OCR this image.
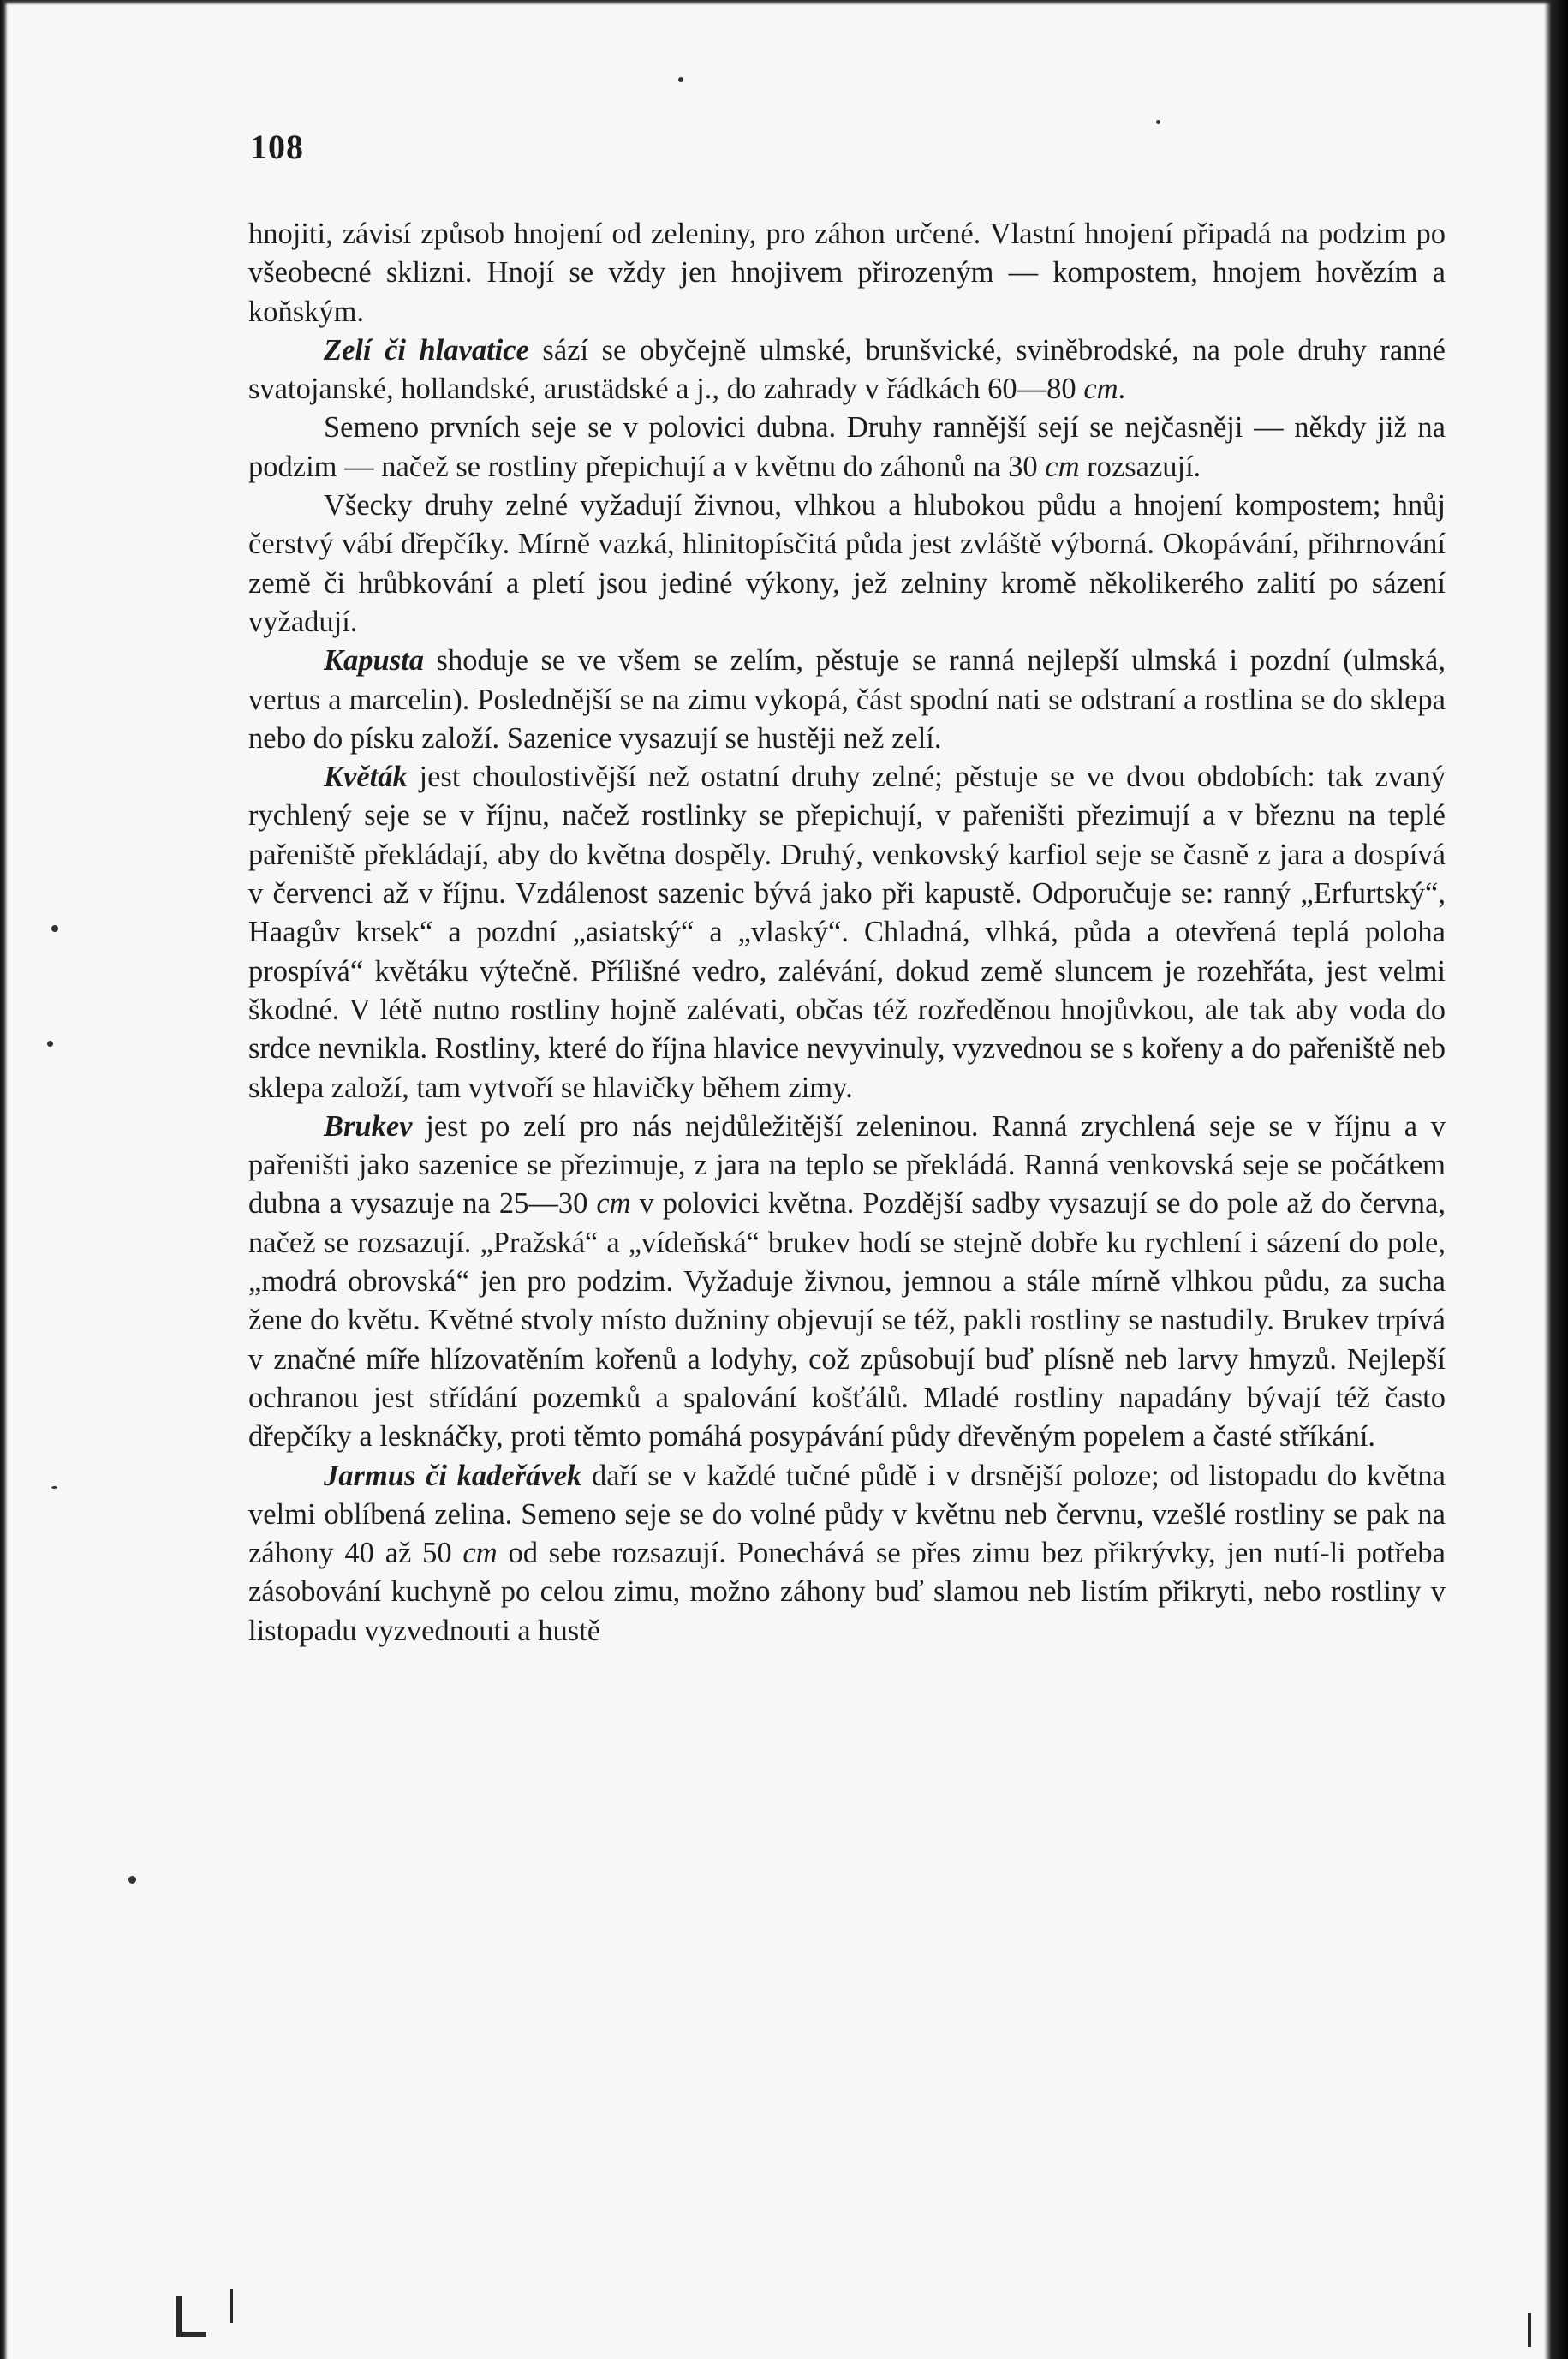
108

hnojiti, závisí způsob hnojení od zeleniny, pro záhon určené. Vlastní hnojení připadá na podzim po všeobecné sklizni. Hnojí se vždy jen hnojivem přirozeným — kompostem, hnojem hovězím a koňským.

Zelí či hlavatice sází se obyčejně ulmské, brunšvické, sviněbrodské, na pole druhy ranné svatojanské, hollandské, arustädské a j., do zahrady v řádkách 60—80 cm.

Semeno prvních seje se v polovici dubna. Druhy rannější sejí se nejčasněji — někdy již na podzim — načež se rostliny přepichují a v květnu do záhonů na 30 cm rozsazují.

Všecky druhy zelné vyžadují živnou, vlhkou a hlubokou půdu a hnojení kompostem; hnůj čerstvý vábí dřepčíky. Mírně vazká, hlinitopísčitá půda jest zvláště výborná. Okopávání, přihrnování země či hrůbkování a pletí jsou jediné výkony, jež zelniny kromě několikerého zalití po sázení vyžadují.

Kapusta shoduje se ve všem se zelím, pěstuje se ranná nejlepší ulmská i pozdní (ulmská, vertus a marcelin). Poslednější se na zimu vykopá, část spodní nati se odstraní a rostlina se do sklepa nebo do písku založí. Sazenice vysazují se hustěji než zelí.

Květák jest choulostivější než ostatní druhy zelné; pěstuje se ve dvou obdobích: tak zvaný rychlený seje se v říjnu, načež rostlinky se přepichují, v pařeništi přezimují a v březnu na teplé pařeniště překládají, aby do května dospěly. Druhý, venkovský karfiol seje se časně z jara a dospívá v červenci až v říjnu. Vzdálenost sazenic bývá jako při kapustě. Odporučuje se: ranný „Erfurtský“, Haagův krsek“ a pozdní „asiatský“ a „vlaský“. Chladná, vlhká, půda a otevřená teplá poloha prospívá“ květáku výtečně. Přílišné vedro, zalévání, dokud země sluncem je rozehřáta, jest velmi škodné. V létě nutno rostliny hojně zalévati, občas též rozředěnou hnojůvkou, ale tak aby voda do srdce nevnikla. Rostliny, které do října hlavice nevyvinuly, vyzvednou se s kořeny a do pařeniště neb sklepa založí, tam vytvoří se hlavičky během zimy.

Brukev jest po zelí pro nás nejdůležitější zeleninou. Ranná zrychlená seje se v říjnu a v pařeništi jako sazenice se přezimuje, z jara na teplo se překládá. Ranná venkovská seje se počátkem dubna a vysazuje na 25—30 cm v polovici května. Pozdější sadby vysazují se do pole až do června, načež se rozsazují. „Pražská“ a „vídeňská“ brukev hodí se stejně dobře ku rychlení i sázení do pole, „modrá obrovská“ jen pro podzim. Vyžaduje živnou, jemnou a stále mírně vlhkou půdu, za sucha žene do květu. Květné stvoly místo dužniny objevují se též, pakli rostliny se nastudily. Brukev trpívá v značné míře hlízovatěním kořenů a lodyhy, což způsobují buď plísně neb larvy hmyzů. Nejlepší ochranou jest střídání pozemků a spalování košťálů. Mladé rostliny napadány bývají též často dřepčíky a lesknáčky, proti těmto pomáhá posypávání půdy dřevěným popelem a časté stříkání.

Jarmus či kadeřávek daří se v každé tučné půdě i v drsnější poloze; od listopadu do května velmi oblíbená zelina. Semeno seje se do volné půdy v květnu neb červnu, vzešlé rostliny se pak na záhony 40 až 50 cm od sebe rozsazují. Ponechává se přes zimu bez přikrývky, jen nutí-li potřeba zásobování kuchyně po celou zimu, možno záhony buď slamou neb listím přikryti, nebo rostliny v listopadu vyzvednouti a hustě
